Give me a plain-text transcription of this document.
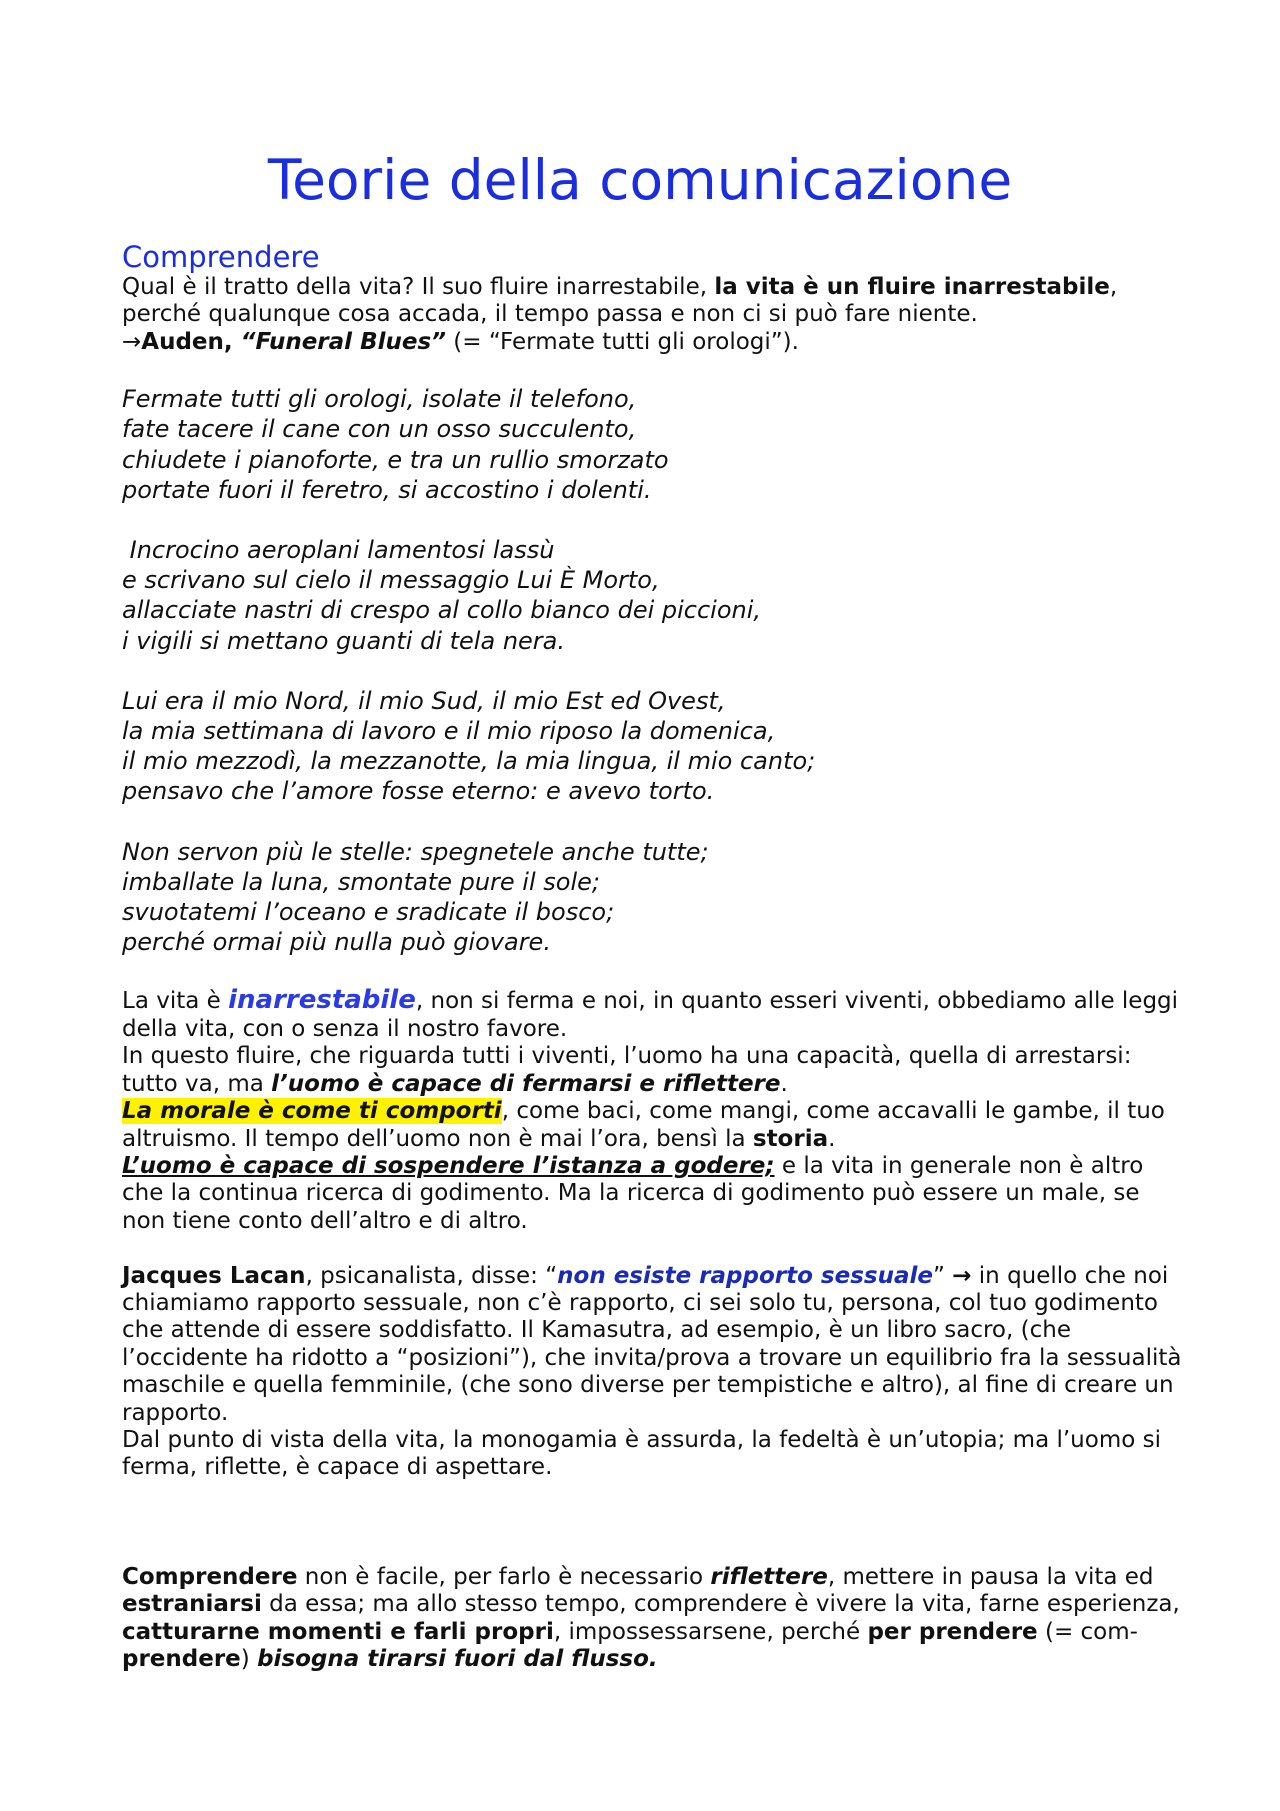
Teorie della comunicazione
Comprendere

Qual è il tratto della vita? Il suo fluire inarrestabile, la vita è un fluire inarrestabile,
perché qualunque cosa accada, il tempo passa e non ci si può fare niente.
→Auden, “Funeral Blues” (= “Fermate tutti gli orologi”).

Fermate tutti gli orologi, isolate il telefono,
fate tacere il cane con un osso succulento,
chiudete i pianoforte, e tra un rullio smorzato
portate fuori il feretro, si accostino i dolenti.
Incrocino aeroplani lamentosi lassù
e scrivano sul cielo il messaggio Lui È Morto,
allacciate nastri di crespo al collo bianco dei piccioni,
i vigili si mettano guanti di tela nera.
Lui era il mio Nord, il mio Sud, il mio Est ed Ovest,
la mia settimana di lavoro e il mio riposo la domenica,
il mio mezzodì, la mezzanotte, la mia lingua, il mio canto;
pensavo che l’amore fosse eterno: e avevo torto.
Non servon più le stelle: spegnetele anche tutte;
imballate la luna, smontate pure il sole;
svuotatemi l’oceano e sradicate il bosco;
perché ormai più nulla può giovare.

La vita è inarrestabile, non si ferma e noi, in quanto esseri viventi, obbediamo alle leggi della vita, con o senza il nostro favore.
In questo fluire, che riguarda tutti i viventi, l’uomo ha una capacità, quella di arrestarsi: tutto va, ma l’uomo è capace di fermarsi e riflettere.
La morale è come ti comporti, come baci, come mangi, come accavalli le gambe, il tuo altruismo. Il tempo dell’uomo non è mai l’ora, bensì la storia.
L’uomo è capace di sospendere l’istanza a godere; e la vita in generale non è altro che la continua ricerca di godimento. Ma la ricerca di godimento può essere un male, se non tiene conto dell’altro e di altro.

Jacques Lacan, psicanalista, disse: “non esiste rapporto sessuale” → in quello che noi chiamiamo rapporto sessuale, non c’è rapporto, ci sei solo tu, persona, col tuo godimento che attende di essere soddisfatto. Il Kamasutra, ad esempio, è un libro sacro, (che l’occidente ha ridotto a “posizioni”), che invita/prova a trovare un equilibrio fra la sessualità maschile e quella femminile, (che sono diverse per tempistiche e altro), al fine di creare un rapporto.
Dal punto di vista della vita, la monogamia è assurda, la fedeltà è un’utopia; ma l’uomo si ferma, riflette, è capace di aspettare.

Comprendere non è facile, per farlo è necessario riflettere, mettere in pausa la vita ed estraniarsi da essa; ma allo stesso tempo, comprendere è vivere la vita, farne esperienza, catturarne momenti e farli propri, impossessarsene, perché per prendere (= com-prendere) bisogna tirarsi fuori dal flusso.
